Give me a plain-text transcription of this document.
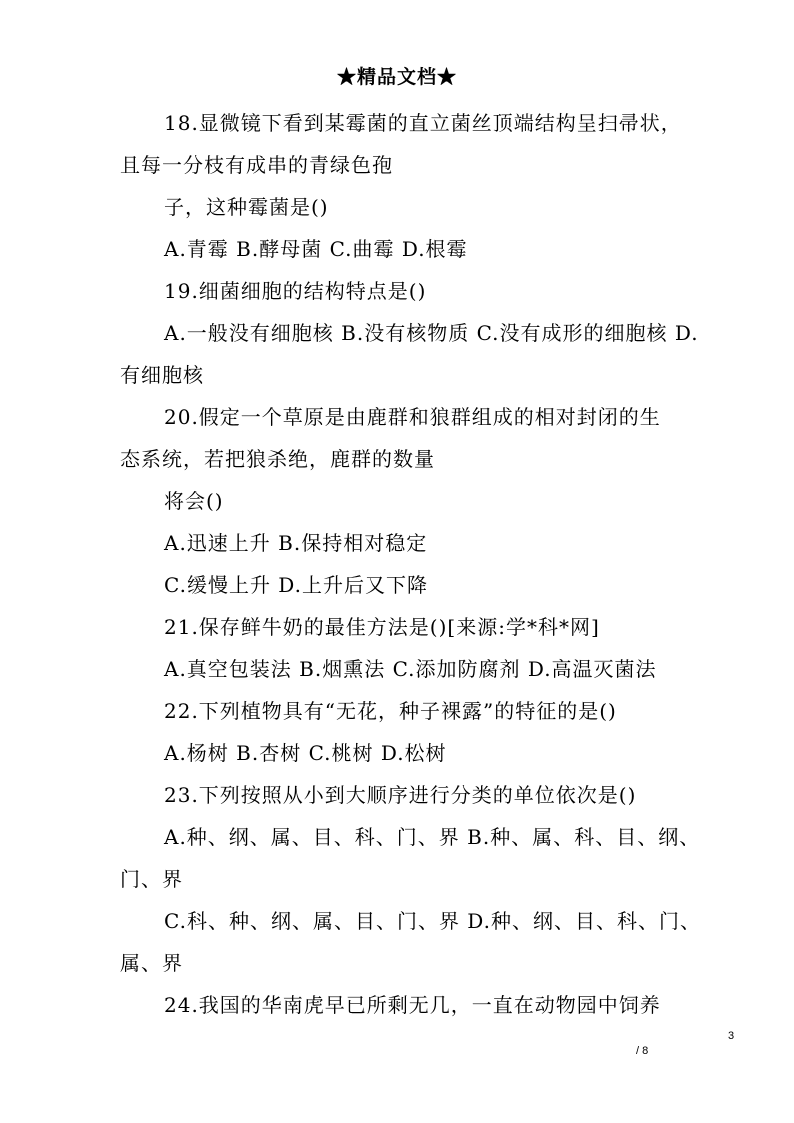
★精品文档★
18.显微镜下看到某霉菌的直立菌丝顶端结构呈扫帚状，
且每一分枝有成串的青绿色孢
子，这种霉菌是()
A.青霉 B.酵母菌 C.曲霉 D.根霉
19.细菌细胞的结构特点是()
A.一般没有细胞核 B.没有核物质 C.没有成形的细胞核 D.
有细胞核
20.假定一个草原是由鹿群和狼群组成的相对封闭的生
态系统，若把狼杀绝，鹿群的数量
将会()
A.迅速上升 B.保持相对稳定
C.缓慢上升 D.上升后又下降
21.保存鲜牛奶的最佳方法是()[来源:学*科*网]
A.真空包装法 B.烟熏法 C.添加防腐剂 D.高温灭菌法
22.下列植物具有“无花，种子裸露”的特征的是()
A.杨树 B.杏树 C.桃树 D.松树
23.下列按照从小到大顺序进行分类的单位依次是()
A.种、纲、属、目、科、门、界 B.种、属、科、目、纲、
门、界
C.科、种、纲、属、目、门、界 D.种、纲、目、科、门、
属、界
24.我国的华南虎早已所剩无几，一直在动物园中饲养
3
/ 8
